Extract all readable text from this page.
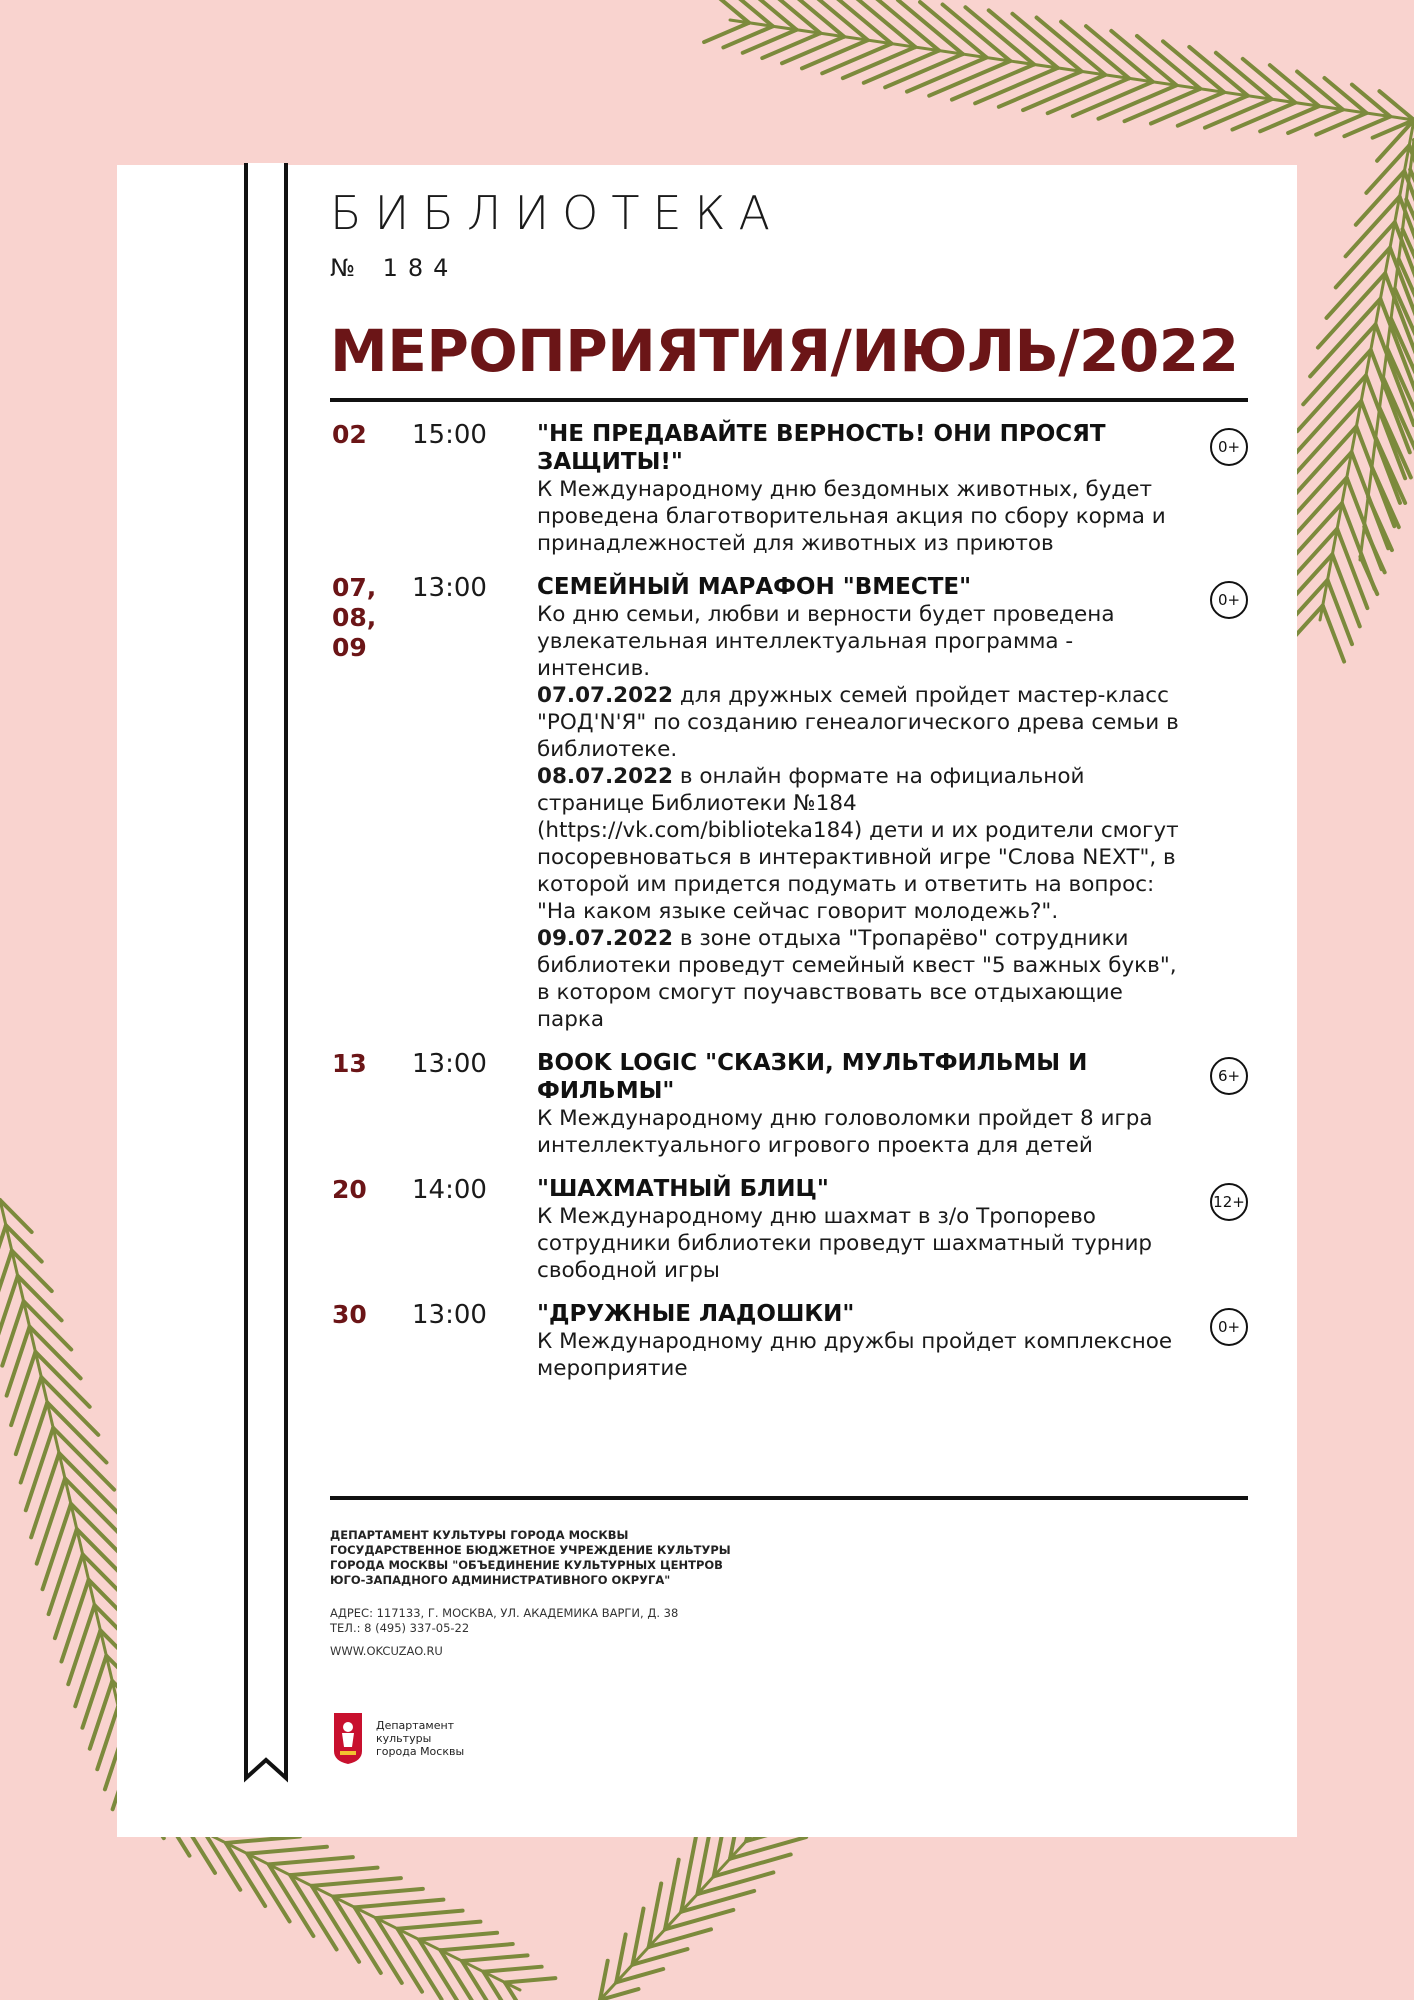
БИБЛИОТЕКА
№ 184
МЕРОПРИЯТИЯ/ИЮЛЬ/2022
02 15:00 "НЕ ПРЕДАВАЙТЕ ВЕРНОСТЬ! ОНИ ПРОСЯТ ЗАЩИТЫ!"
К Международному дню бездомных животных, будет проведена благотворительная акция по сбору корма и принадлежностей для животных из приютов
0+
07,
08,
09
13:00 СЕМЕЙНЫЙ МАРАФОН "ВМЕСТЕ"
Ко дню семьи, любви и верности будет проведена увлекательная интеллектуальная программа - интенсив.
07.07.2022 для дружных семей пройдет мастер-класс "РОД'N'Я" по созданию генеалогического древа семьи в библиотеке.
08.07.2022 в онлайн формате на официальной странице Библиотеки №184 (https://vk.com/biblioteka184) дети и их родители смогут посоревноваться в интерактивной игре "Слова NEXT", в которой им придется подумать и ответить на вопрос: "На каком языке сейчас говорит молодежь?".
09.07.2022 в зоне отдыха "Тропарёво" сотрудники библиотеки проведут семейный квест "5 важных букв", в котором смогут поучавствовать все отдыхающие парка
0+
13 13:00 BOOK LOGIC "СКАЗКИ, МУЛЬТФИЛЬМЫ И ФИЛЬМЫ"
К Международному дню головоломки пройдет 8 игра интеллектуального игрового проекта для детей
6+
20 14:00 "ШАХМАТНЫЙ БЛИЦ"
К Международному дню шахмат в з/о Тропорево сотрудники библиотеки проведут шахматный турнир свободной игры
12+
30 13:00 "ДРУЖНЫЕ ЛАДОШКИ"
К Международному дню дружбы пройдет комплексное мероприятие
0+
ДЕПАРТАМЕНТ КУЛЬТУРЫ ГОРОДА МОСКВЫ
ГОСУДАРСТВЕННОЕ БЮДЖЕТНОЕ УЧРЕЖДЕНИЕ КУЛЬТУРЫ
ГОРОДА МОСКВЫ "ОБЪЕДИНЕНИЕ КУЛЬТУРНЫХ ЦЕНТРОВ
ЮГО-ЗАПАДНОГО АДМИНИСТРАТИВНОГО ОКРУГА"
АДРЕС: 117133, Г. МОСКВА, УЛ. АКАДЕМИКА ВАРГИ, Д. 38
ТЕЛ.: 8 (495) 337-05-22
WWW.OKCUZAO.RU
Департамент
культуры
города Москвы
